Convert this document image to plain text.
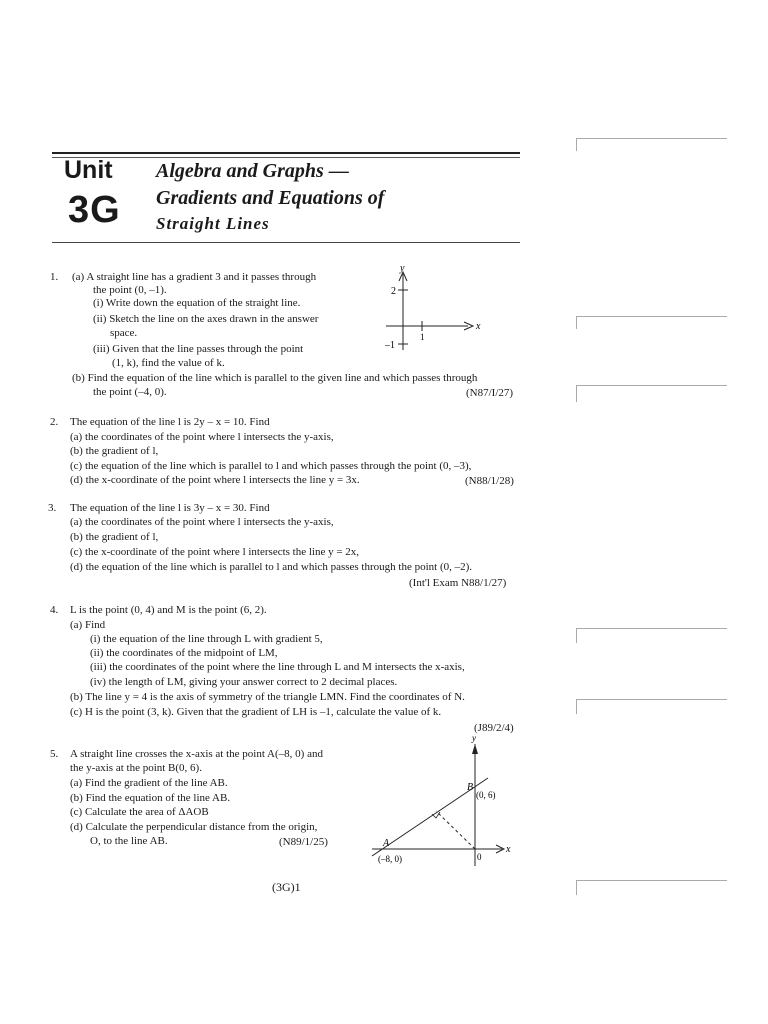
Unit
3G
Algebra and Graphs —
Gradients and Equations of
Straight Lines
1. (a) A straight line has a gradient 3 and it passes through
the point (0, –1).
(i) Write down the equation of the straight line.
(ii) Sketch the line on the axes drawn in the answer
space.
(iii) Given that the line passes through the point
(1, k), find the value of k.
(b) Find the equation of the line which is parallel to the given line and which passes through
the point (–4, 0).	(N87/I/27)
y
x
2
–1
1
2. The equation of the line l is 2y – x = 10. Find
(a) the coordinates of the point where l intersects the y-axis,
(b) the gradient of l,
(c) the equation of the line which is parallel to l and which passes through the point (0, –3),
(d) the x-coordinate of the point where l intersects the line y = 3x.	(N88/1/28)
3. The equation of the line l is 3y – x = 30. Find
(a) the coordinates of the point where l intersects the y-axis,
(b) the gradient of l,
(c) the x-coordinate of the point where l intersects the line y = 2x,
(d) the equation of the line which is parallel to l and which passes through the point (0, –2).
(Int'l Exam N88/1/27)
4. L is the point (0, 4) and M is the point (6, 2).
(a) Find
(i) the equation of the line through L with gradient 5,
(ii) the coordinates of the midpoint of LM,
(iii) the coordinates of the point where the line through L and M intersects the x-axis,
(iv) the length of LM, giving your answer correct to 2 decimal places.
(b) The line y = 4 is the axis of symmetry of the triangle LMN. Find the coordinates of N.
(c) H is the point (3, k). Given that the gradient of LH is –1, calculate the value of k.
(J89/2/4)
5. A straight line crosses the x-axis at the point A(–8, 0) and
the y-axis at the point B(0, 6).
(a) Find the gradient of the line AB.
(b) Find the equation of the line AB.
(c) Calculate the area of ΔAOB
(d) Calculate the perpendicular distance from the origin,
O, to the line AB.	(N89/1/25)
y
x
A
(–8, 0)
B
(0, 6)
0
(3G)1
